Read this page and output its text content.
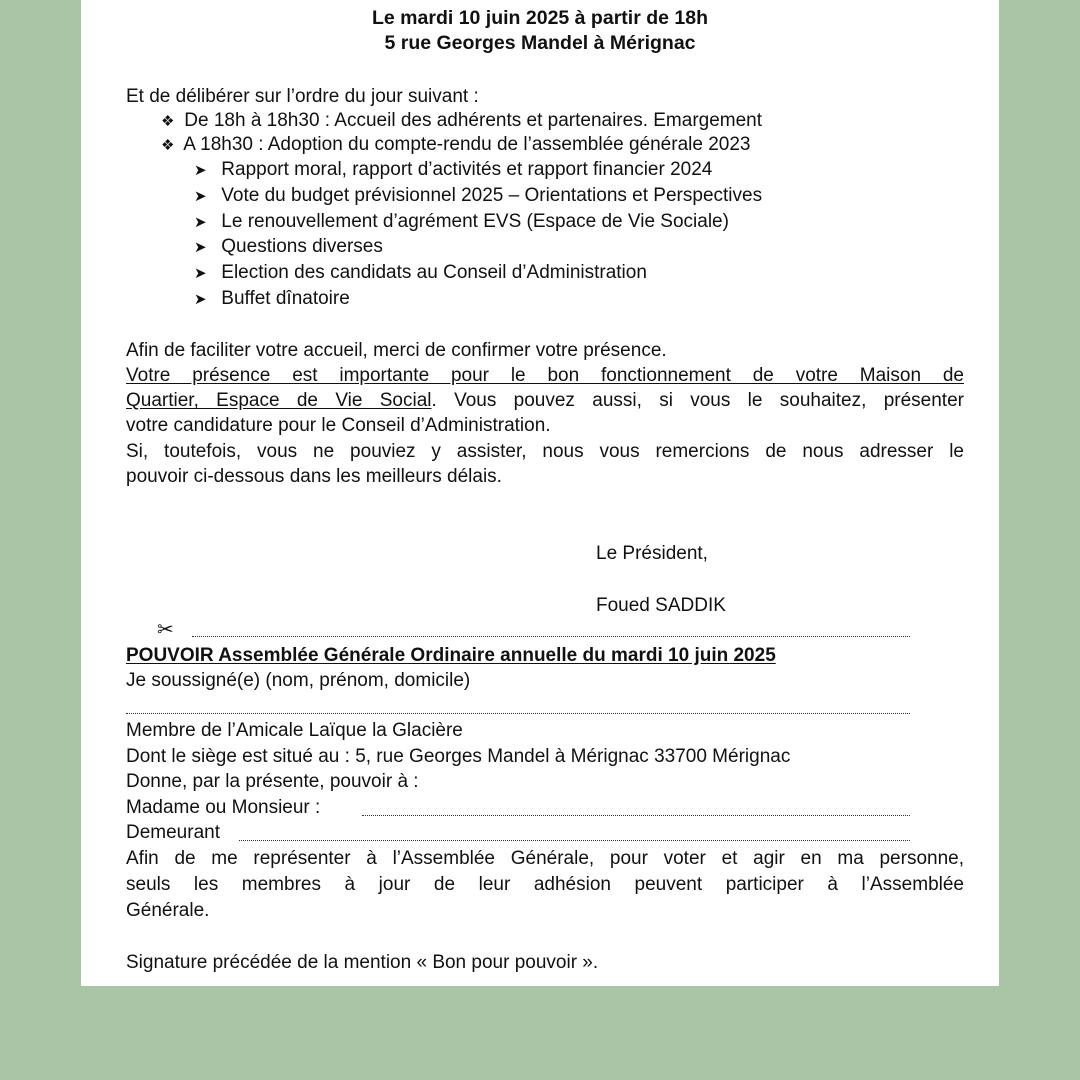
Le mardi 10 juin 2025 à partir de 18h
5 rue Georges Mandel à Mérignac
Et de délibérer sur l’ordre du jour suivant :
❖ De 18h à 18h30 : Accueil des adhérents et partenaires. Emargement
❖ A 18h30 : Adoption du compte-rendu de l’assemblée générale 2023
➤ Rapport moral, rapport d’activités et rapport financier 2024
➤ Vote du budget prévisionnel 2025 – Orientations et Perspectives
➤ Le renouvellement d’agrément EVS (Espace de Vie Sociale)
➤ Questions diverses
➤ Election des candidats au Conseil d’Administration
➤ Buffet dînatoire
Afin de faciliter votre accueil, merci de confirmer votre présence.
Votre présence est importante pour le bon fonctionnement de votre Maison de
Quartier, Espace de Vie Social. Vous pouvez aussi, si vous le souhaitez, présenter
votre candidature pour le Conseil d’Administration.
Si, toutefois, vous ne pouviez y assister, nous vous remercions de nous adresser le
pouvoir ci-dessous dans les meilleurs délais.
Le Président,
Foued SADDIK
✂
POUVOIR Assemblée Générale Ordinaire annuelle du mardi 10 juin 2025
Je soussigné(e) (nom, prénom, domicile)
Membre de l’Amicale Laïque la Glacière
Dont le siège est situé au : 5, rue Georges Mandel à Mérignac 33700 Mérignac
Donne, par la présente, pouvoir à :
Madame ou Monsieur :
Demeurant
Afin de me représenter à l’Assemblée Générale, pour voter et agir en ma personne,
seuls les membres à jour de leur adhésion peuvent participer à l’Assemblée
Générale.
Signature précédée de la mention « Bon pour pouvoir ».
